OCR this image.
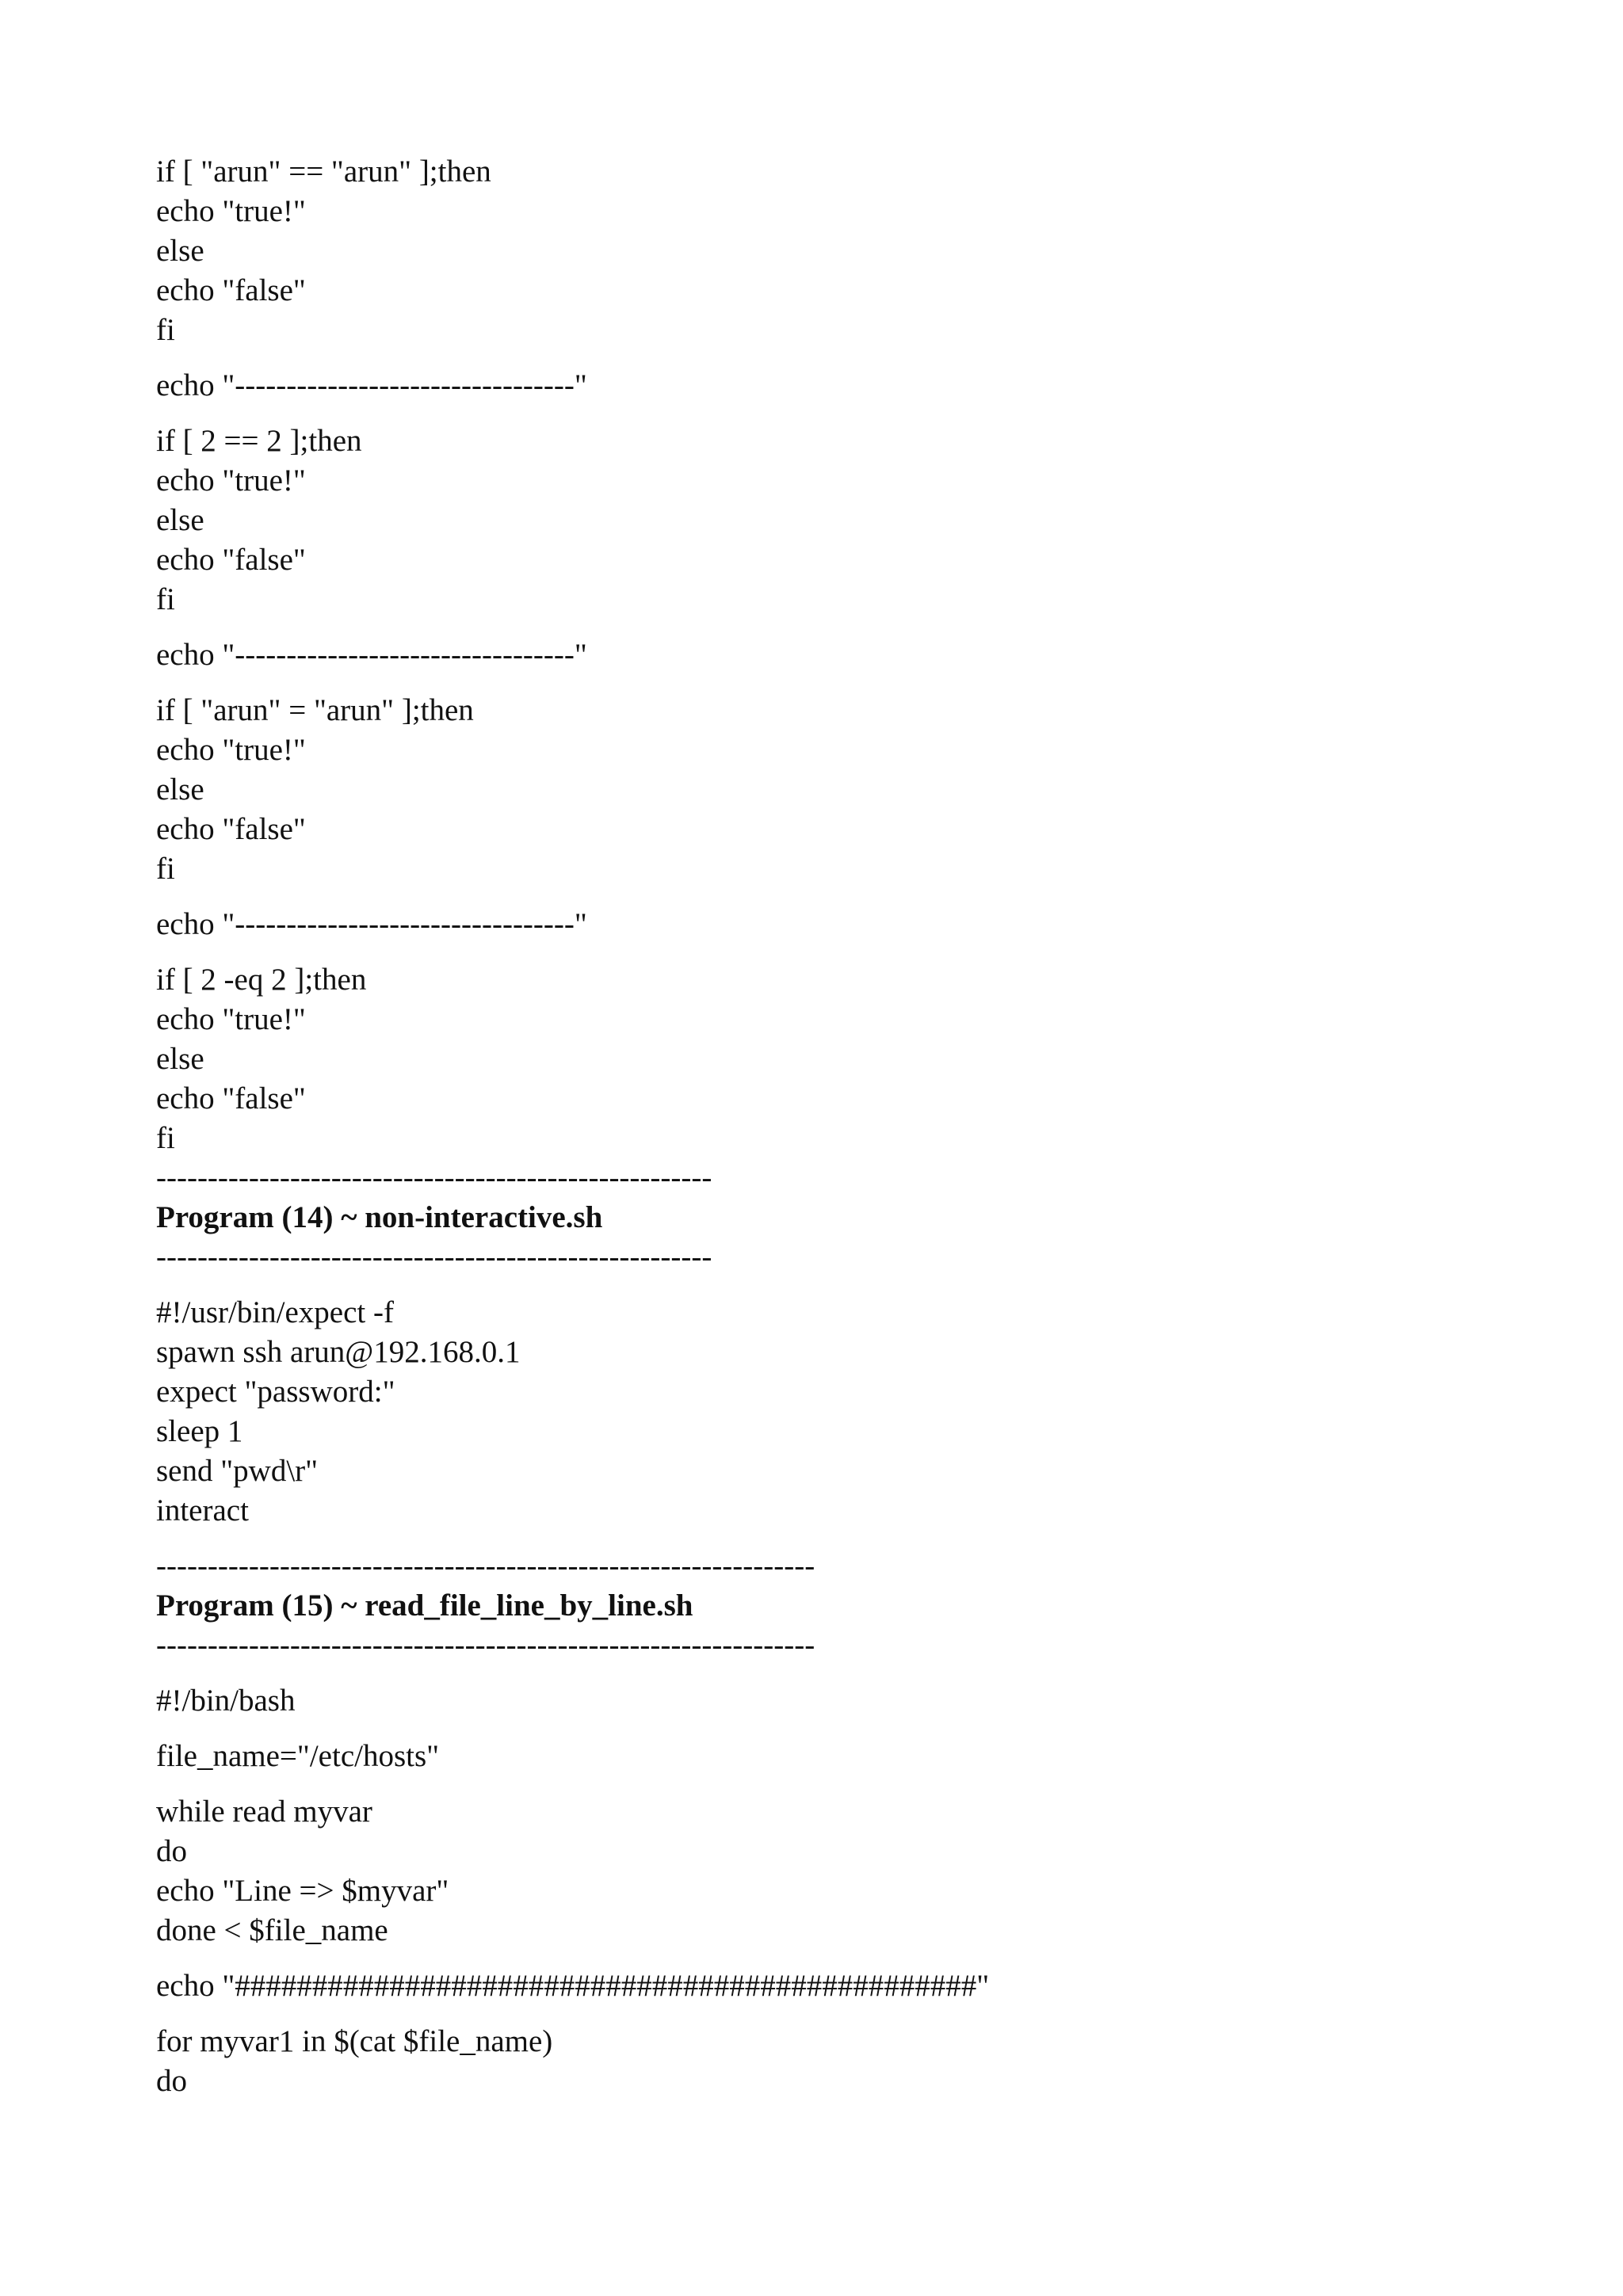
if [ "arun" == "arun" ];then
echo "true!"
else
echo "false"
fi
echo "---------------------------------"
if [ 2 == 2 ];then
echo "true!"
else
echo "false"
fi
echo "---------------------------------"
if [ "arun" = "arun" ];then
echo "true!"
else
echo "false"
fi
echo "---------------------------------"
if [ 2 -eq 2 ];then
echo "true!"
else
echo "false"
fi
------------------------------------------------------
Program (14) ~ non-interactive.sh
------------------------------------------------------
#!/usr/bin/expect -f
spawn ssh arun@192.168.0.1
expect "password:"
sleep 1
send "pwd\r"
interact
----------------------------------------------------------------
Program (15) ~ read_file_line_by_line.sh
----------------------------------------------------------------
#!/bin/bash
file_name="/etc/hosts"
while read myvar
do
echo "Line => $myvar"
done < $file_name
echo "################################################"
for myvar1 in $(cat $file_name)
do
